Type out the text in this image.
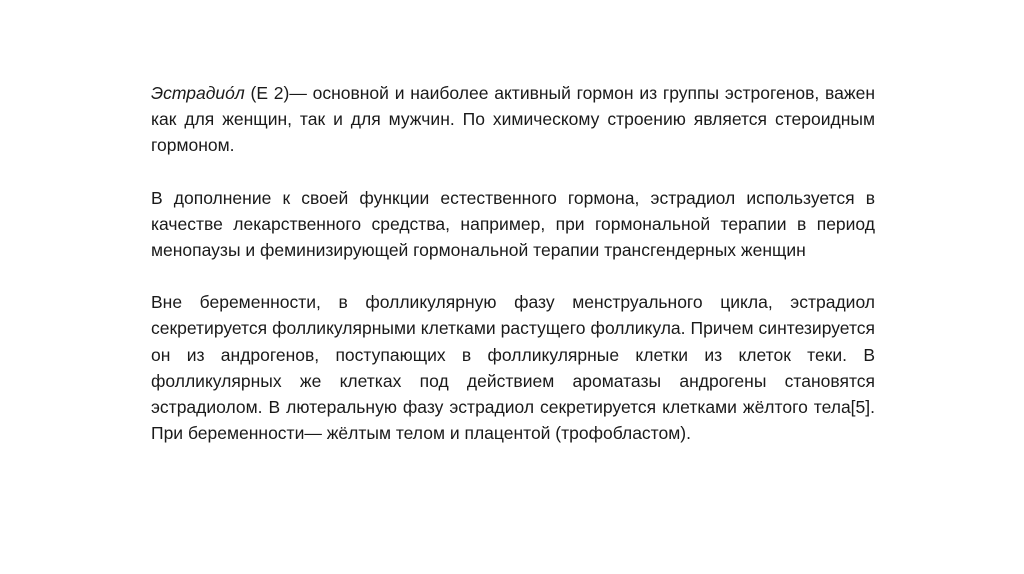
Эстрадио́л (E 2)— основной и наиболее активный гормон из группы эстрогенов, важен как для женщин, так и для мужчин. По химическому строению является стероидным гормоном.

В дополнение к своей функции естественного гормона, эстрадиол используется в качестве лекарственного средства, например, при гормональной терапии в период менопаузы и феминизирующей гормональной терапии трансгендерных женщин

Вне беременности, в фолликулярную фазу менструального цикла, эстрадиол секретируется фолликулярными клетками растущего фолликула. Причем синтезируется он из андрогенов, поступающих в фолликулярные клетки из клеток теки. В фолликулярных же клетках под действием ароматазы андрогены становятся эстрадиолом. В лютеральную фазу эстрадиол секретируется клетками жёлтого тела[5]. При беременности— жёлтым телом и плацентой (трофобластом).
